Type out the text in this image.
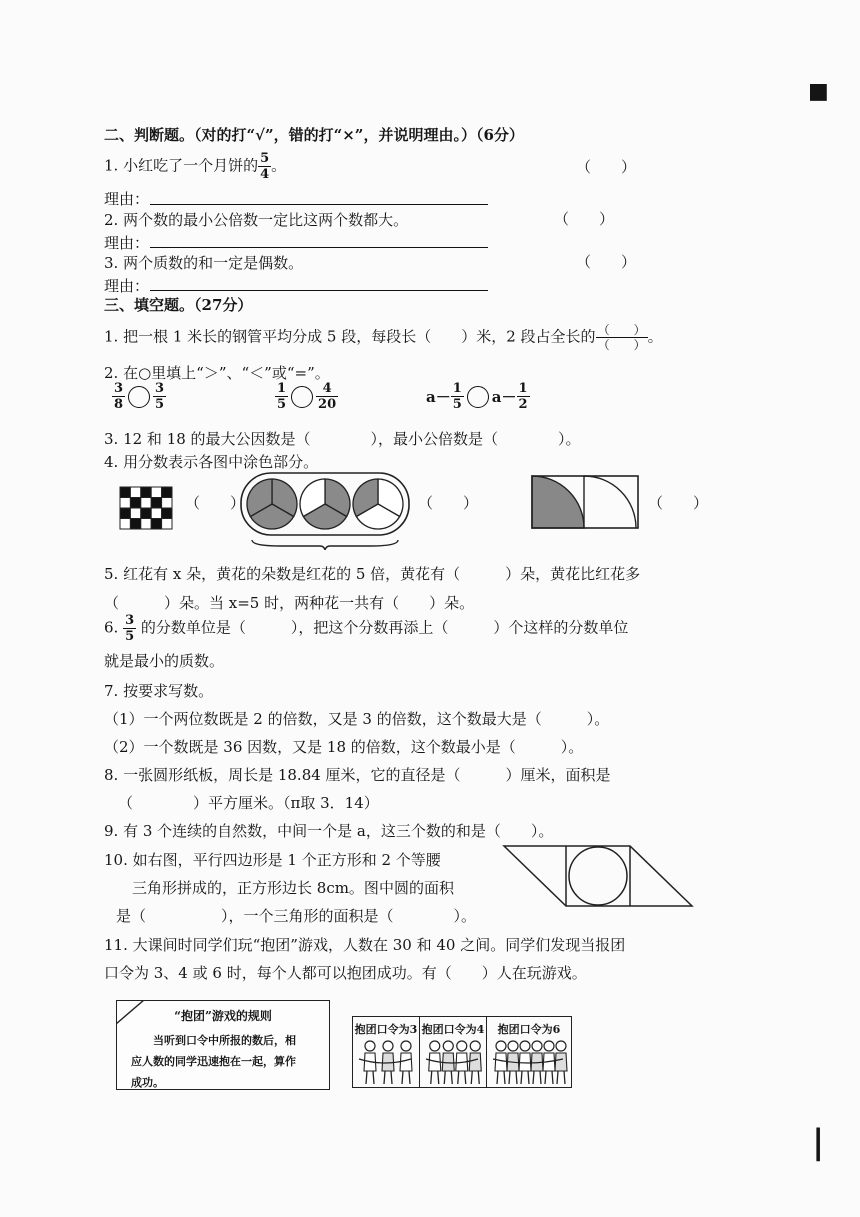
■
|
二、判断题。（对的打“√”，错的打“×”，并说明理由。）（6分）
1. 小红吃了一个月饼的 $\frac{5}{4}$ 。	（　　）
理由：
2. 两个数的最小公倍数一定比这两个数都大。	（　　）
理由：
3. 两个质数的和一定是偶数。	（　　）
理由：
三、填空题。（27分）
1. 把一根 1 米长的钢管平均分成 5 段，每段长（　　）米，2 段占全长的 $\frac{( )}{( )}$ 。
2. 在○里填上“＞”、“＜”或“=”。
$\frac{3}{8} \frac{3}{5}$	$\frac{1}{5} \frac{4}{20}$	$a- \frac{1}{5} a- \frac{1}{2}$
3. 12 和 18 的最大公因数是（　　　　），最小公倍数是（　　　　）。
4. 用分数表示各图中涂色部分。
（　　）	（　　）	（　　）
5. 红花有 x 朵，黄花的朵数是红花的 5 倍，黄花有（　　　）朵，黄花比红花多
（　　　）朵。当 x=5 时，两种花一共有（　　）朵。
6. $\frac{3}{5}$ 的分数单位是（　　　），把这个分数再添上（　　　）个这样的分数单位
就是最小的质数。
7. 按要求写数。
（1）一个两位数既是 2 的倍数，又是 3 的倍数，这个数最大是（　　　）。
（2）一个数既是 36 因数，又是 18 的倍数，这个数最小是（　　　）。
8. 一张圆形纸板，周长是 18.84 厘米，它的直径是（　　　）厘米，面积是
（　　　　）平方厘米。（π取 3．14）
9. 有 3 个连续的自然数，中间一个是 a，这三个数的和是（　　）。
10. 如右图，平行四边形是 1 个正方形和 2 个等腰
三角形拼成的，正方形边长 8cm。图中圆的面积
是（　　　　　），一个三角形的面积是（　　　　）。
11. 大课间时同学们玩“抱团”游戏，人数在 30 和 40 之间。同学们发现当报团
口令为 3、4 或 6 时，每个人都可以抱团成功。有（　　）人在玩游戏。
“抱团”游戏的规则
当听到口令中所报的数后，相
应人数的同学迅速抱在一起，算作
成功。
抱团口令为3 抱团口令为4	抱团口令为6
